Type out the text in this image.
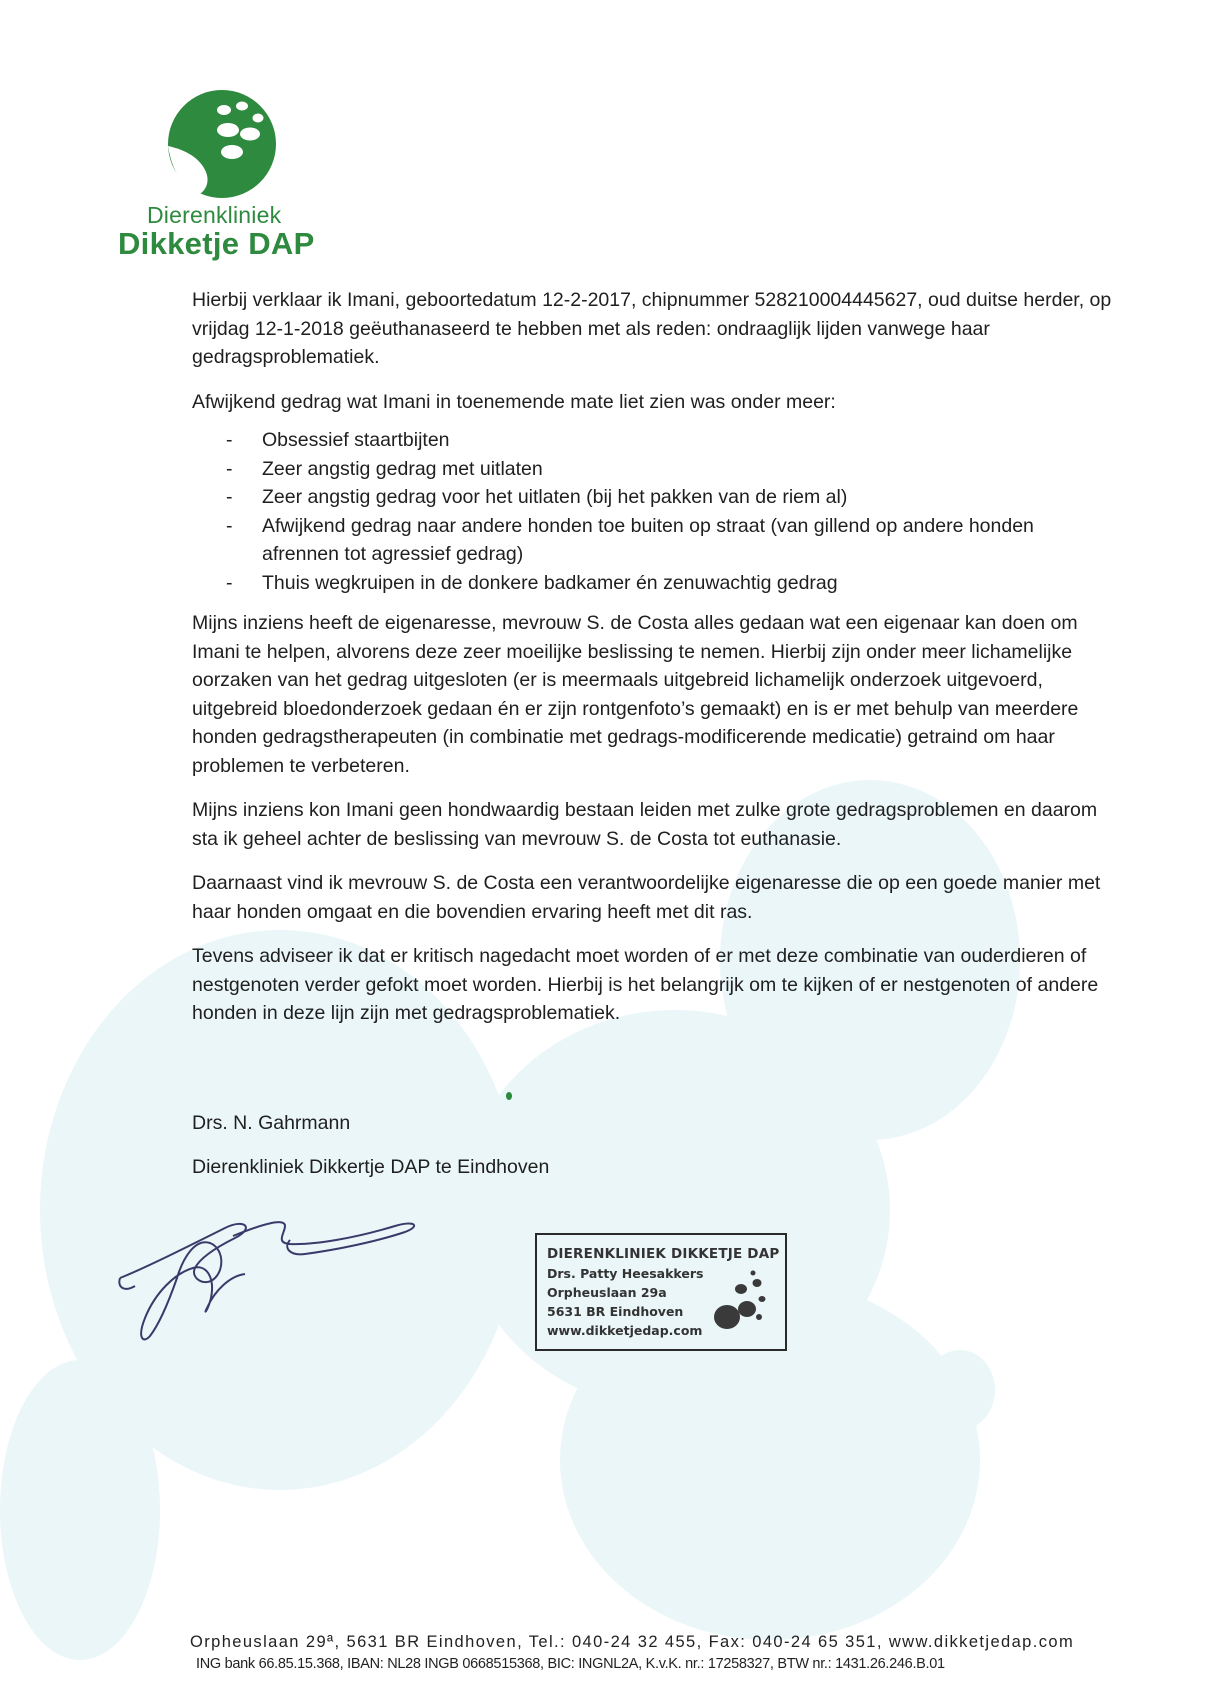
Dierenkliniek
Dikketje DAP

Hierbij verklaar ik Imani, geboortedatum 12-2-2017, chipnummer 528210004445627, oud duitse herder, op vrijdag 12-1-2018 geëuthanaseerd te hebben met als reden: ondraaglijk lijden vanwege haar gedragsproblematiek.

Afwijkend gedrag wat Imani in toenemende mate liet zien was onder meer:

- Obsessief staartbijten
- Zeer angstig gedrag met uitlaten
- Zeer angstig gedrag voor het uitlaten (bij het pakken van de riem al)
- Afwijkend gedrag naar andere honden toe buiten op straat (van gillend op andere honden afrennen tot agressief gedrag)
- Thuis wegkruipen in de donkere badkamer én zenuwachtig gedrag

Mijns inziens heeft de eigenaresse, mevrouw S. de Costa alles gedaan wat een eigenaar kan doen om Imani te helpen, alvorens deze zeer moeilijke beslissing te nemen. Hierbij zijn onder meer lichamelijke oorzaken van het gedrag uitgesloten (er is meermaals uitgebreid lichamelijk onderzoek uitgevoerd, uitgebreid bloedonderzoek gedaan én er zijn rontgenfoto’s gemaakt) en is er met behulp van meerdere honden gedragstherapeuten (in combinatie met gedrags-modificerende medicatie) getraind om haar problemen te verbeteren.

Mijns inziens kon Imani geen hondwaardig bestaan leiden met zulke grote gedragsproblemen en daarom sta ik geheel achter de beslissing van mevrouw S. de Costa tot euthanasie.

Daarnaast vind ik mevrouw S. de Costa een verantwoordelijke eigenaresse die op een goede manier met haar honden omgaat en die bovendien ervaring heeft met dit ras.

Tevens adviseer ik dat er kritisch nagedacht moet worden of er met deze combinatie van ouderdieren of nestgenoten verder gefokt moet worden. Hierbij is het belangrijk om te kijken of er nestgenoten of andere honden in deze lijn zijn met gedragsproblematiek.

Drs. N. Gahrmann
Dierenkliniek Dikkertje DAP te Eindhoven
DIERENKLINIEK DIKKETJE DAP
Drs. Patty Heesakkers
Orpheuslaan 29a
5631 BR Eindhoven
www.dikketjedap.com
Orpheuslaan 29ª, 5631 BR Eindhoven, Tel.: 040-24 32 455, Fax: 040-24 65 351, www.dikketjedap.com
ING bank 66.85.15.368, IBAN: NL28 INGB 0668515368, BIC: INGNL2A, K.v.K. nr.: 17258327, BTW nr.: 1431.26.246.B.01
